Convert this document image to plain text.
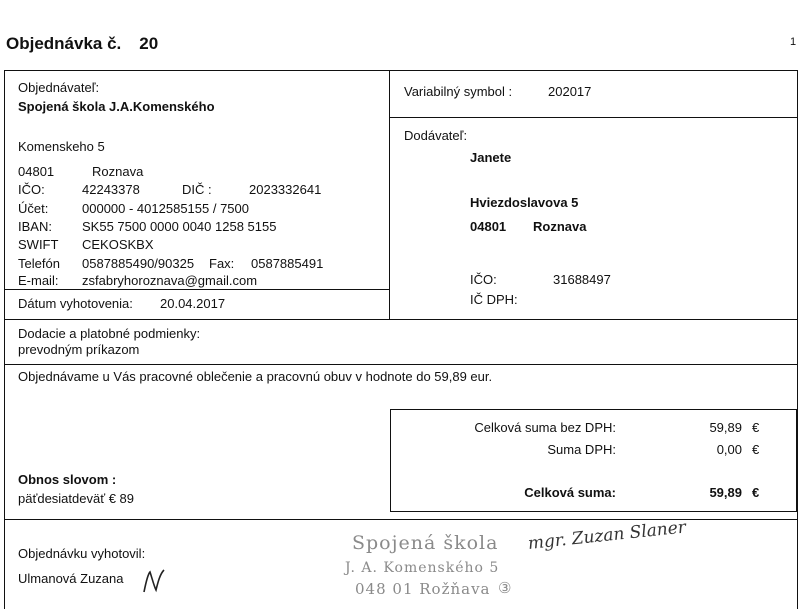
Objednávka č. 20	1
Objednávateľ:
Spojená škola J.A.Komenského
Komenskeho 5
04801	Roznava
IČO:	42243378	DIČ :	2023332641
Účet:	000000 - 4012585155 / 7500
IBAN: SK55 7500 0000 0040 1258 5155
SWIFT CEKOSKBX
Telefón 0587885490/90325 Fax: 0587885491
E-mail: zsfabryhoroznava@gmail.com
Dátum vyhotovenia: 20.04.2017
Variabilný symbol :	202017
Dodávateľ:
Janete
Hviezdoslavova 5
04801 Roznava
IČO:	31688497
IČ DPH:
Dodacie a platobné podmienky:
prevodným príkazom
Objednávame u Vás pracovné oblečenie a pracovnú obuv v hodnote do 59,89 eur.
Celková suma bez DPH:	59,89 €
Suma DPH:	0,00 €
Celková suma:	59,89 €
Obnos slovom :
päťdesiatdeväť € 89
Objednávku vyhotovil:
Ulmanová Zuzana
Spojená škola
J. A. Komenského 5
048 01 Rožňava ③
mgr. Zuzan Slaner
